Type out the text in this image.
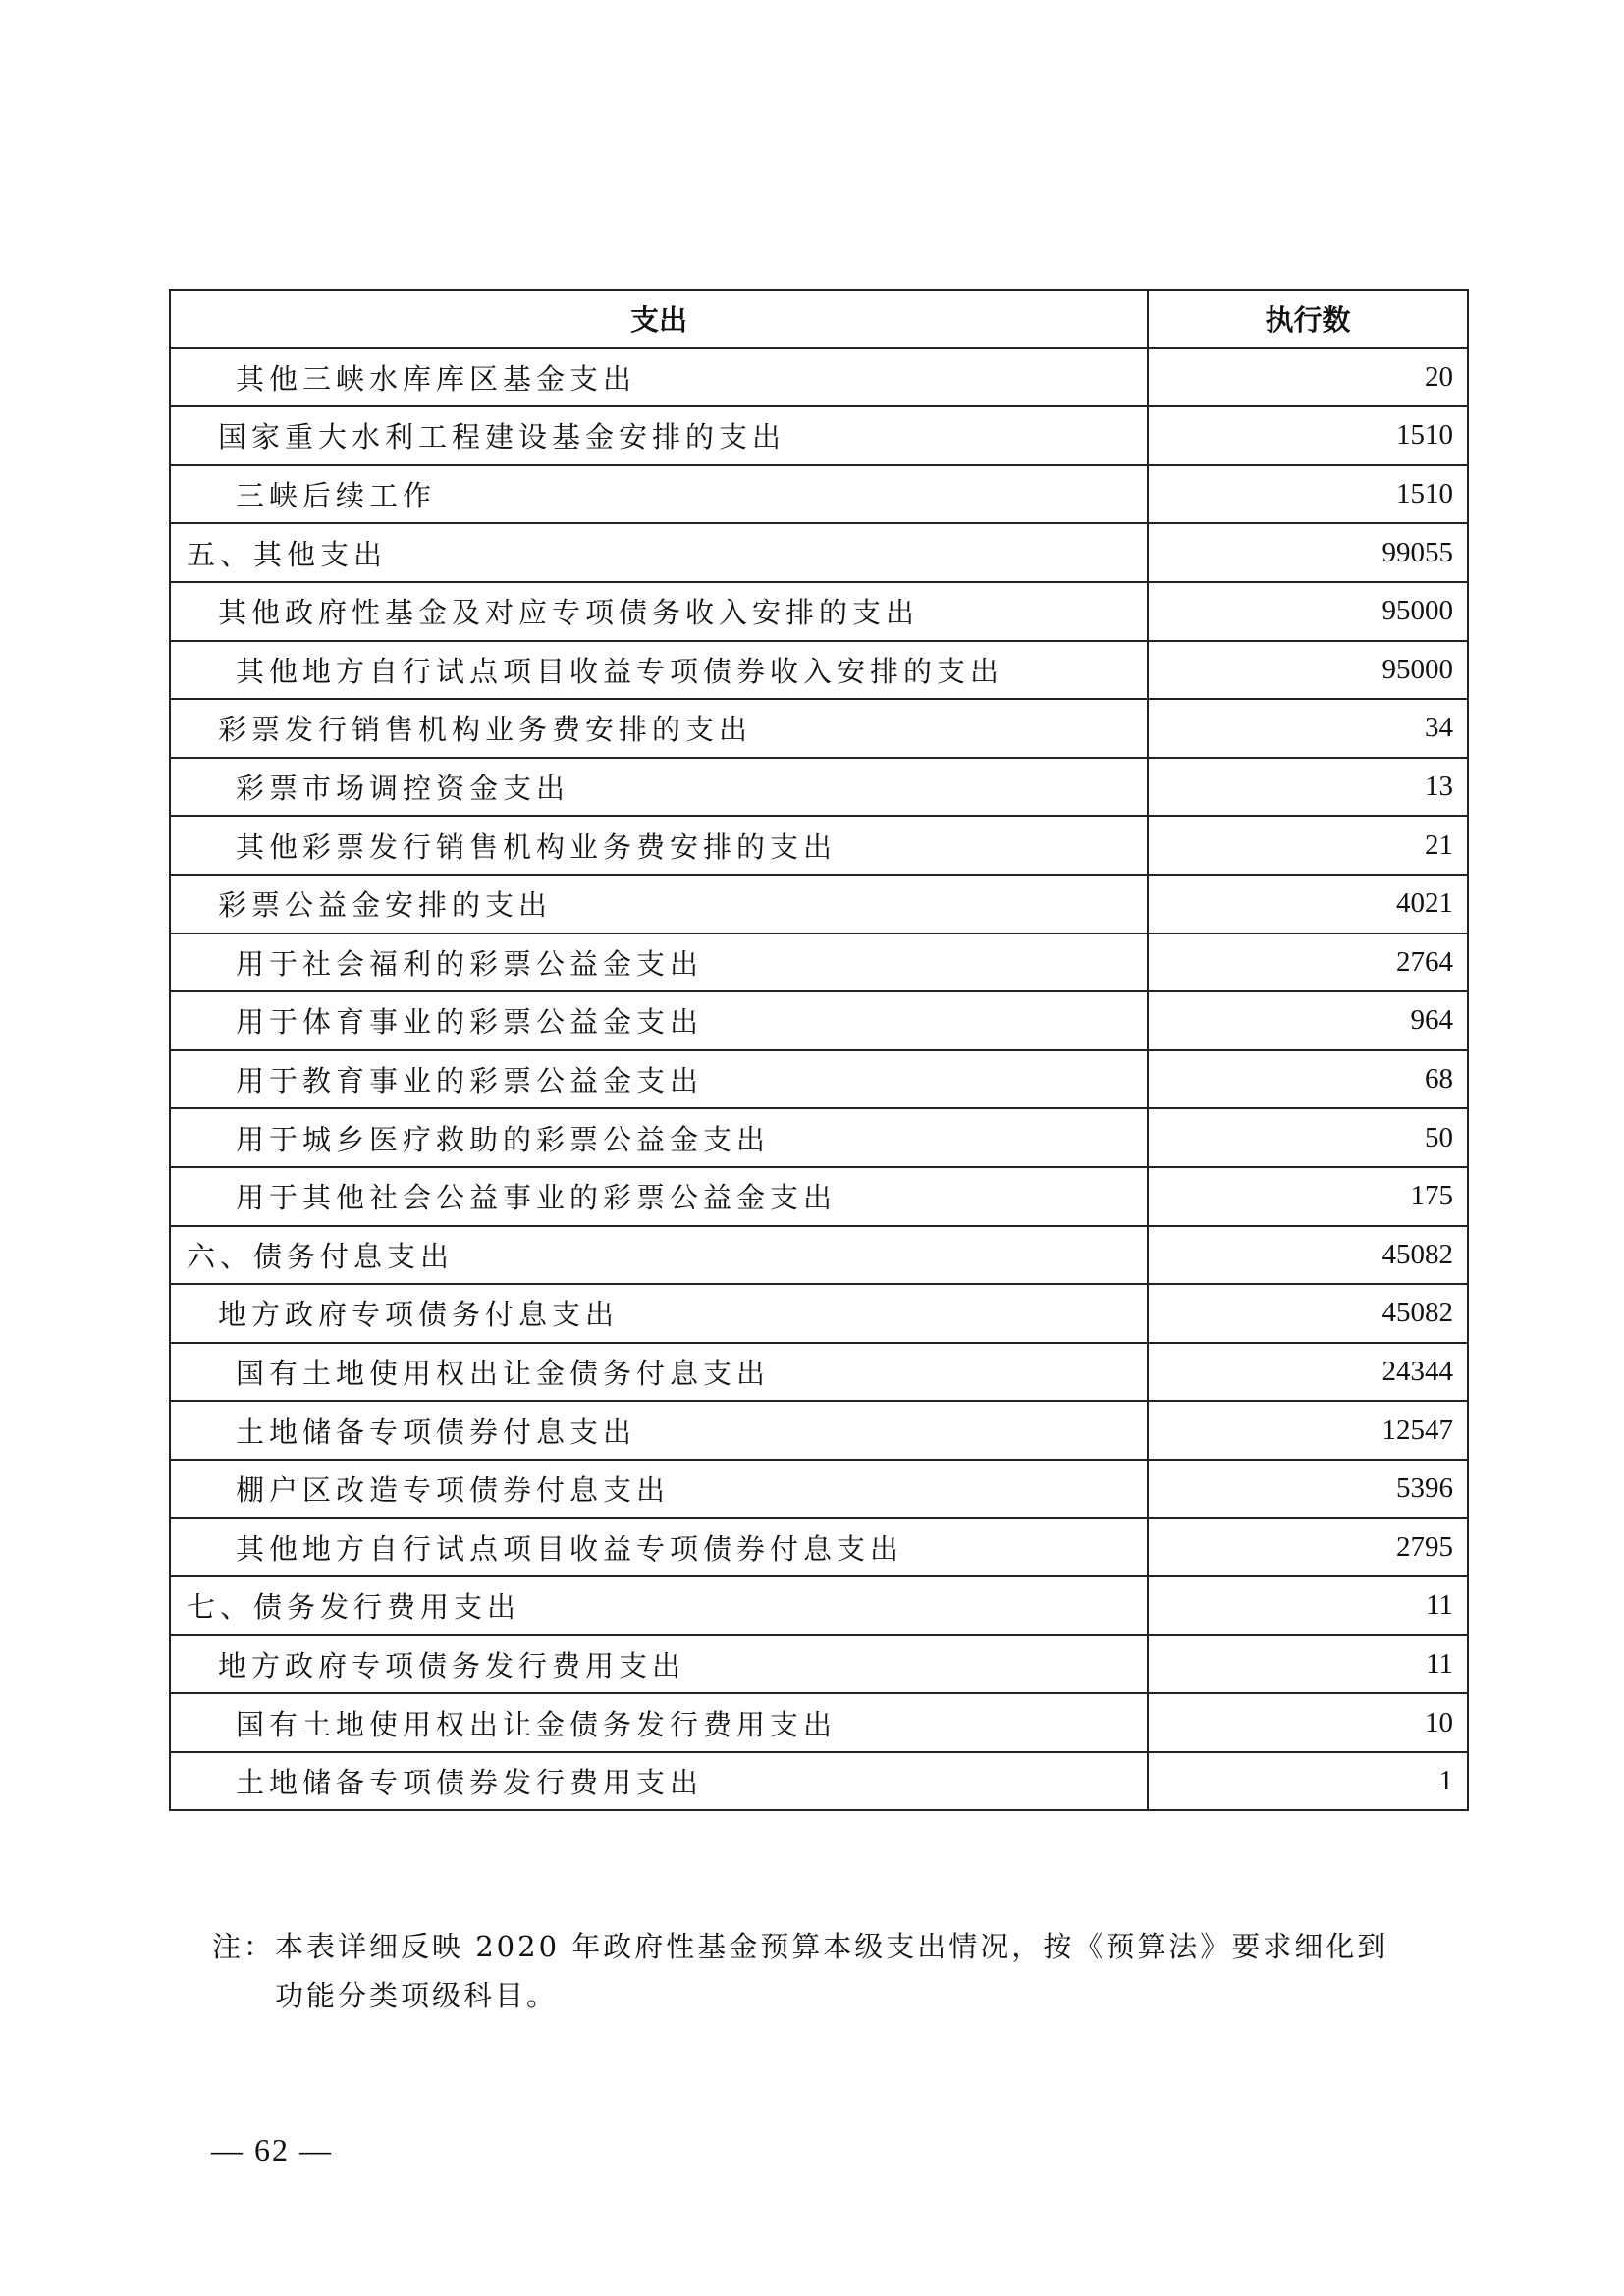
支出	执行数
其他三峡水库库区基金支出	20
国家重大水利工程建设基金安排的支出	1510
三峡后续工作	1510
五、其他支出	99055
其他政府性基金及对应专项债务收入安排的支出	95000
其他地方自行试点项目收益专项债券收入安排的支出	95000
彩票发行销售机构业务费安排的支出	34
彩票市场调控资金支出	13
其他彩票发行销售机构业务费安排的支出	21
彩票公益金安排的支出	4021
用于社会福利的彩票公益金支出	2764
用于体育事业的彩票公益金支出	964
用于教育事业的彩票公益金支出	68
用于城乡医疗救助的彩票公益金支出	50
用于其他社会公益事业的彩票公益金支出	175
六、债务付息支出	45082
地方政府专项债务付息支出	45082
国有土地使用权出让金债务付息支出	24344
土地储备专项债券付息支出	12547
棚户区改造专项债券付息支出	5396
其他地方自行试点项目收益专项债券付息支出	2795
七、债务发行费用支出	11
地方政府专项债务发行费用支出	11
国有土地使用权出让金债务发行费用支出	10
土地储备专项债券发行费用支出	1
注：本表详细反映 2020 年政府性基金预算本级支出情况，按《预算法》要求细化到
功能分类项级科目。
— 62 —
